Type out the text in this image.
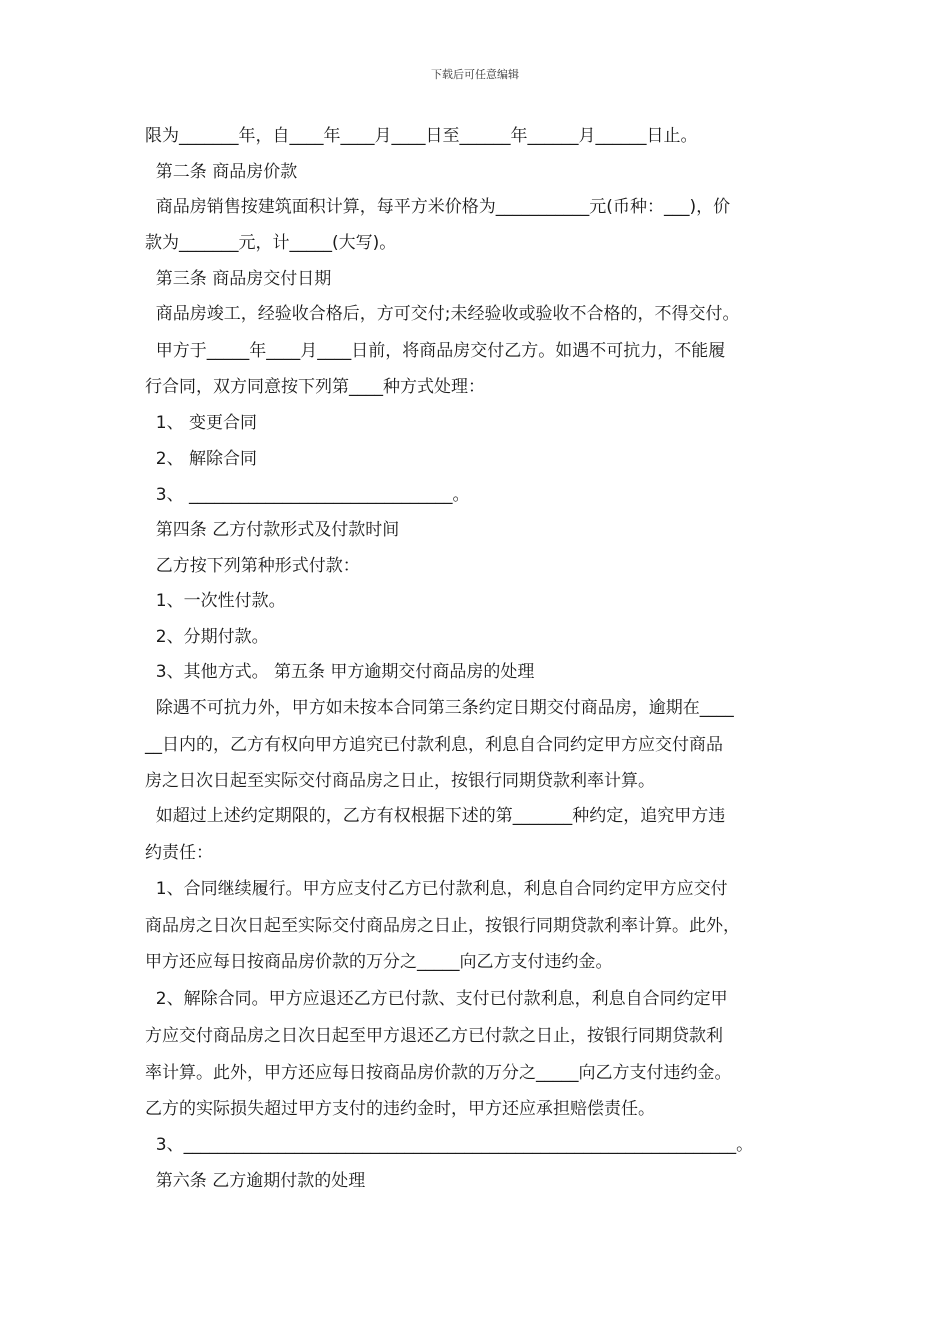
下载后可任意编辑
限为_______年，自____年____月____日至______年______月______日止。
第二条 商品房价款
商品房销售按建筑面积计算，每平方米价格为___________元(币种：___)，价
款为_______元，计_____(大写)。
第三条 商品房交付日期
商品房竣工，经验收合格后，方可交付;未经验收或验收不合格的，不得交付。
甲方于_____年____月____日前，将商品房交付乙方。如遇不可抗力，不能履
行合同，双方同意按下列第____种方式处理：
1、 变更合同
2、 解除合同
3、 _______________________________。
第四条 乙方付款形式及付款时间
乙方按下列第种形式付款：
1、一次性付款。
2、分期付款。
3、其他方式。 第五条 甲方逾期交付商品房的处理
除遇不可抗力外，甲方如未按本合同第三条约定日期交付商品房，逾期在____
__日内的，乙方有权向甲方追究已付款利息，利息自合同约定甲方应交付商品
房之日次日起至实际交付商品房之日止，按银行同期贷款利率计算。
如超过上述约定期限的，乙方有权根据下述的第_______种约定，追究甲方违
约责任：
1、合同继续履行。甲方应支付乙方已付款利息，利息自合同约定甲方应交付
商品房之日次日起至实际交付商品房之日止，按银行同期贷款利率计算。此外，
甲方还应每日按商品房价款的万分之_____向乙方支付违约金。
2、解除合同。甲方应退还乙方已付款、支付已付款利息，利息自合同约定甲
方应交付商品房之日次日起至甲方退还乙方已付款之日止，按银行同期贷款利
率计算。此外，甲方还应每日按商品房价款的万分之_____向乙方支付违约金。
乙方的实际损失超过甲方支付的违约金时，甲方还应承担赔偿责任。
3、_________________________________________________________________。
第六条 乙方逾期付款的处理
